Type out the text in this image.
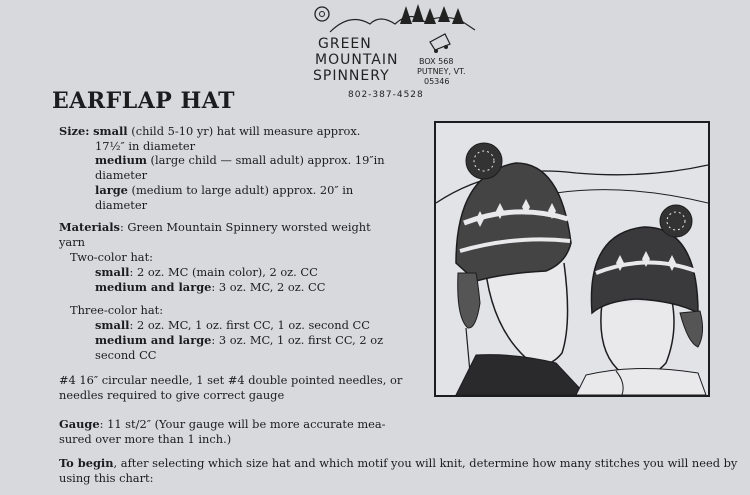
GREEN
MOUNTAIN
SPINNERY
BOX 568
PUTNEY, VT.
05346
802-387-4528
EARFLAP HAT
Size: small (child 5-10 yr) hat will measure approx.
17½″ in diameter
medium (large child — small adult) approx. 19″in
diameter
large (medium to large adult) approx. 20″ in
diameter
Materials: Green Mountain Spinnery worsted weight
yarn
Two-color hat:
small: 2 oz. MC (main color), 2 oz. CC
medium and large: 3 oz. MC, 2 oz. CC
Three-color hat:
small: 2 oz. MC, 1 oz. first CC, 1 oz. second CC
medium and large: 3 oz. MC, 1 oz. first CC, 2 oz
second CC
#4 16″ circular needle, 1 set #4 double pointed needles, or
needles required to give correct gauge
Gauge: 11 st/2″ (Your gauge will be more accurate mea-
sured over more than 1 inch.)
To begin, after selecting which size hat and which motif you will knit, determine how many stitches you will need by
using this chart:
